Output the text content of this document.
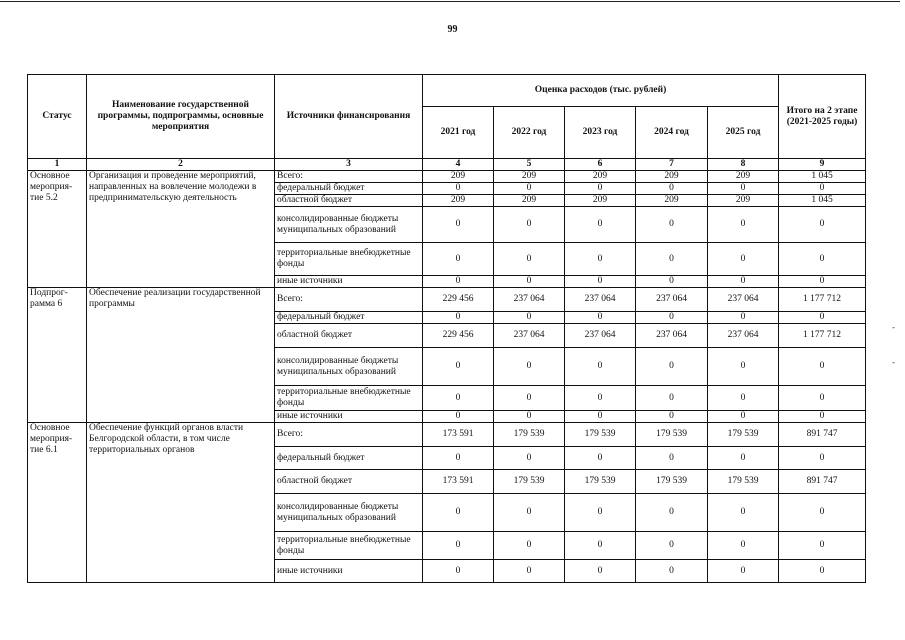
99
Статус	Наименование государственной программы, подпрограммы, основные мероприятия	Источники финансирования	Оценка расходов (тыс. рублей)					Итого на 2 этапе (2021-2025 годы)
			2021 год	2022 год	2023 год	2024 год	2025 год	
1	2	3	4	5	6	7	8	9
Основное мероприя-тие 5.2	Организация и проведение мероприятий, направленных на вовлечение молодежи в предпринимательскую деятельность	Всего:	209	209	209	209	209	1 045
		федеральный бюджет	0	0	0	0	0	0
		областной бюджет	209	209	209	209	209	1 045
		консолидированные бюджеты муниципальных образований	0	0	0	0	0	0
		территориальные внебюджетные фонды	0	0	0	0	0	0
		иные источники	0	0	0	0	0	0
Подпрог-рамма 6	Обеспечение реализации государственной программы	Всего:	229 456	237 064	237 064	237 064	237 064	1 177 712
		федеральный бюджет	0	0	0	0	0	0
		областной бюджет	229 456	237 064	237 064	237 064	237 064	1 177 712
		консолидированные бюджеты муниципальных образований	0	0	0	0	0	0
		территориальные внебюджетные фонды	0	0	0	0	0	0
		иные источники	0	0	0	0	0	0
Основное мероприя-тие 6.1	Обеспечение функций органов власти Белгородской области, в том числе территориальных органов	Всего:	173 591	179 539	179 539	179 539	179 539	891 747
		федеральный бюджет	0	0	0	0	0	0
		областной бюджет	173 591	179 539	179 539	179 539	179 539	891 747
		консолидированные бюджеты муниципальных образований	0	0	0	0	0	0
		территориальные внебюджетные фонды	0	0	0	0	0	0
		иные источники	0	0	0	0	0	0
-
-
